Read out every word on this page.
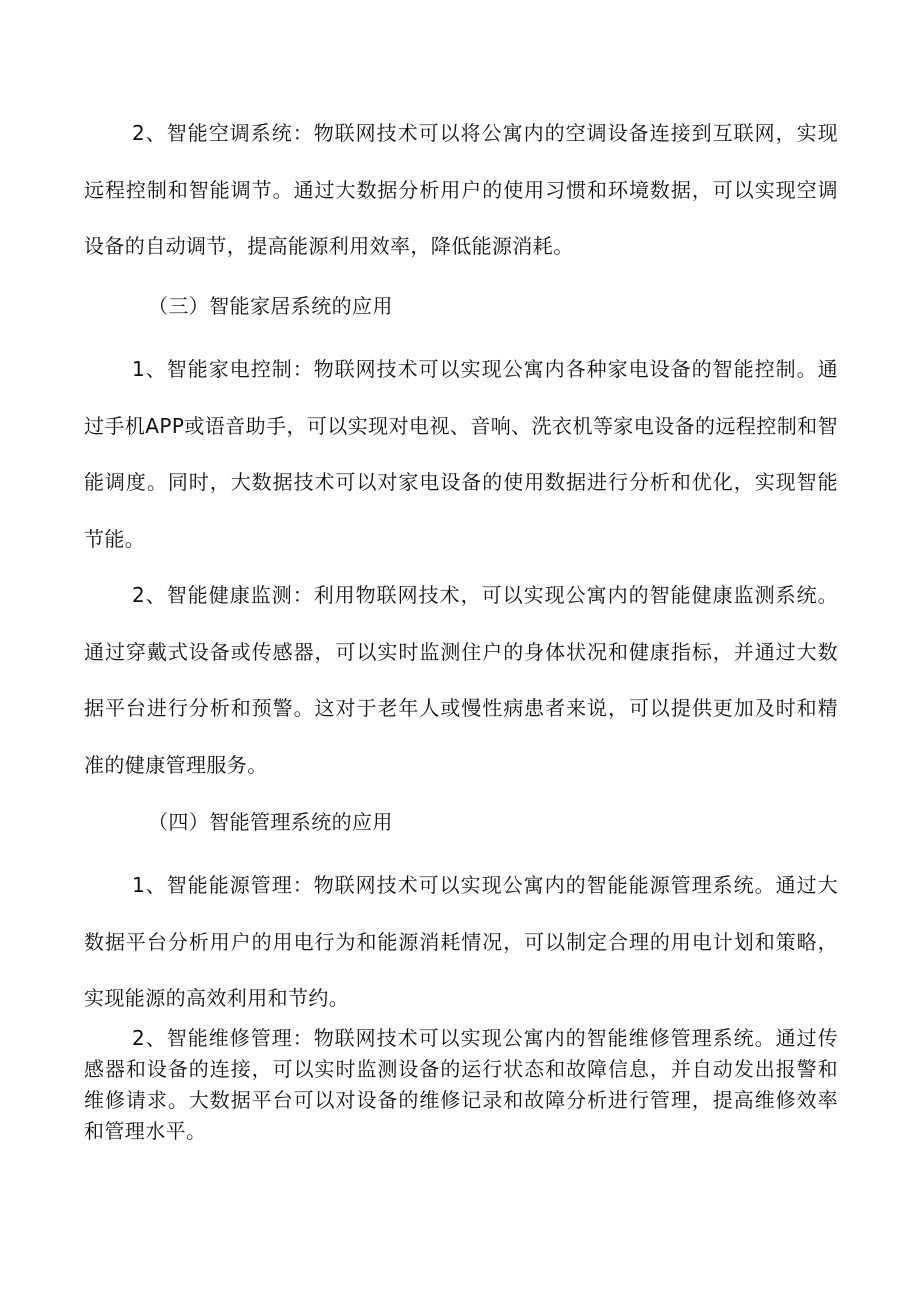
2、智能空调系统：物联网技术可以将公寓内的空调设备连接到互联网，实现远程控制和智能调节。通过大数据分析用户的使用习惯和环境数据，可以实现空调设备的自动调节，提高能源利用效率，降低能源消耗。

（三）智能家居系统的应用

1、智能家电控制：物联网技术可以实现公寓内各种家电设备的智能控制。通过手机APP或语音助手，可以实现对电视、音响、洗衣机等家电设备的远程控制和智能调度。同时，大数据技术可以对家电设备的使用数据进行分析和优化，实现智能节能。

2、智能健康监测：利用物联网技术，可以实现公寓内的智能健康监测系统。通过穿戴式设备或传感器，可以实时监测住户的身体状况和健康指标，并通过大数据平台进行分析和预警。这对于老年人或慢性病患者来说，可以提供更加及时和精准的健康管理服务。

（四）智能管理系统的应用

1、智能能源管理：物联网技术可以实现公寓内的智能能源管理系统。通过大数据平台分析用户的用电行为和能源消耗情况，可以制定合理的用电计划和策略，实现能源的高效利用和节约。

2、智能维修管理：物联网技术可以实现公寓内的智能维修管理系统。通过传感器和设备的连接，可以实时监测设备的运行状态和故障信息，并自动发出报警和维修请求。大数据平台可以对设备的维修记录和故障分析进行管理，提高维修效率和管理水平。
